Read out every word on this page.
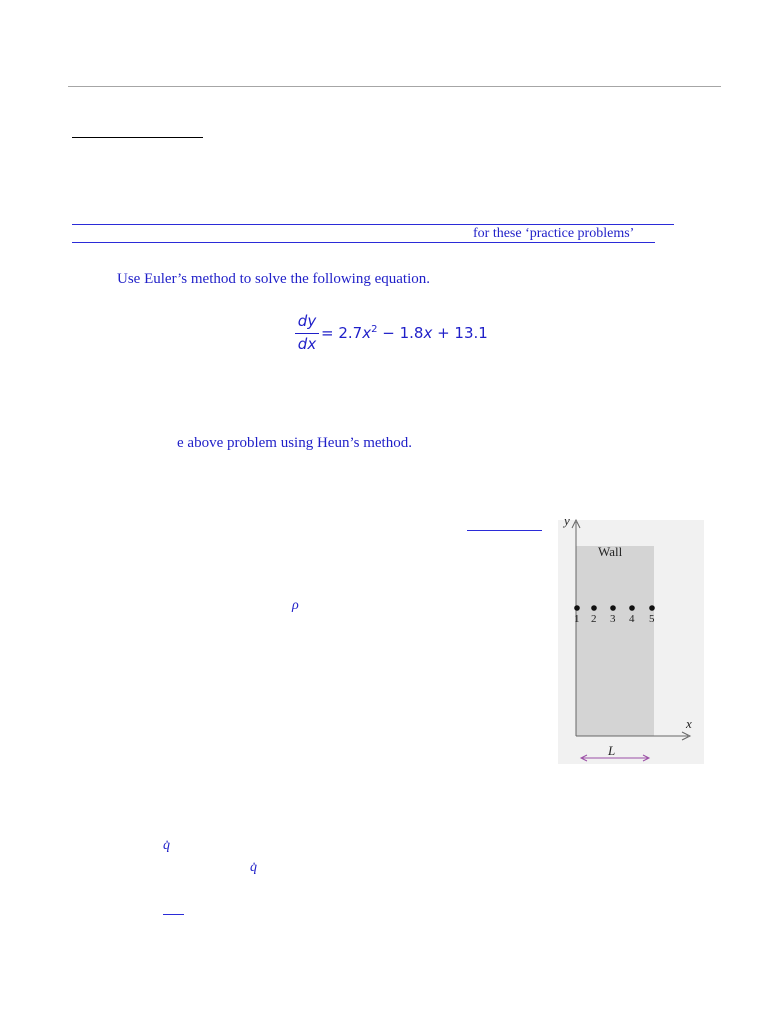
for these ‘practice problems’
Use Euler’s method to solve the following equation.
dy
dx
= $2.7x^2 - 1.8x + 13.1$
e above problem using Heun’s method.
ρ
y
x
Wall
1 2 3 4 5
L
q̇
q̇
